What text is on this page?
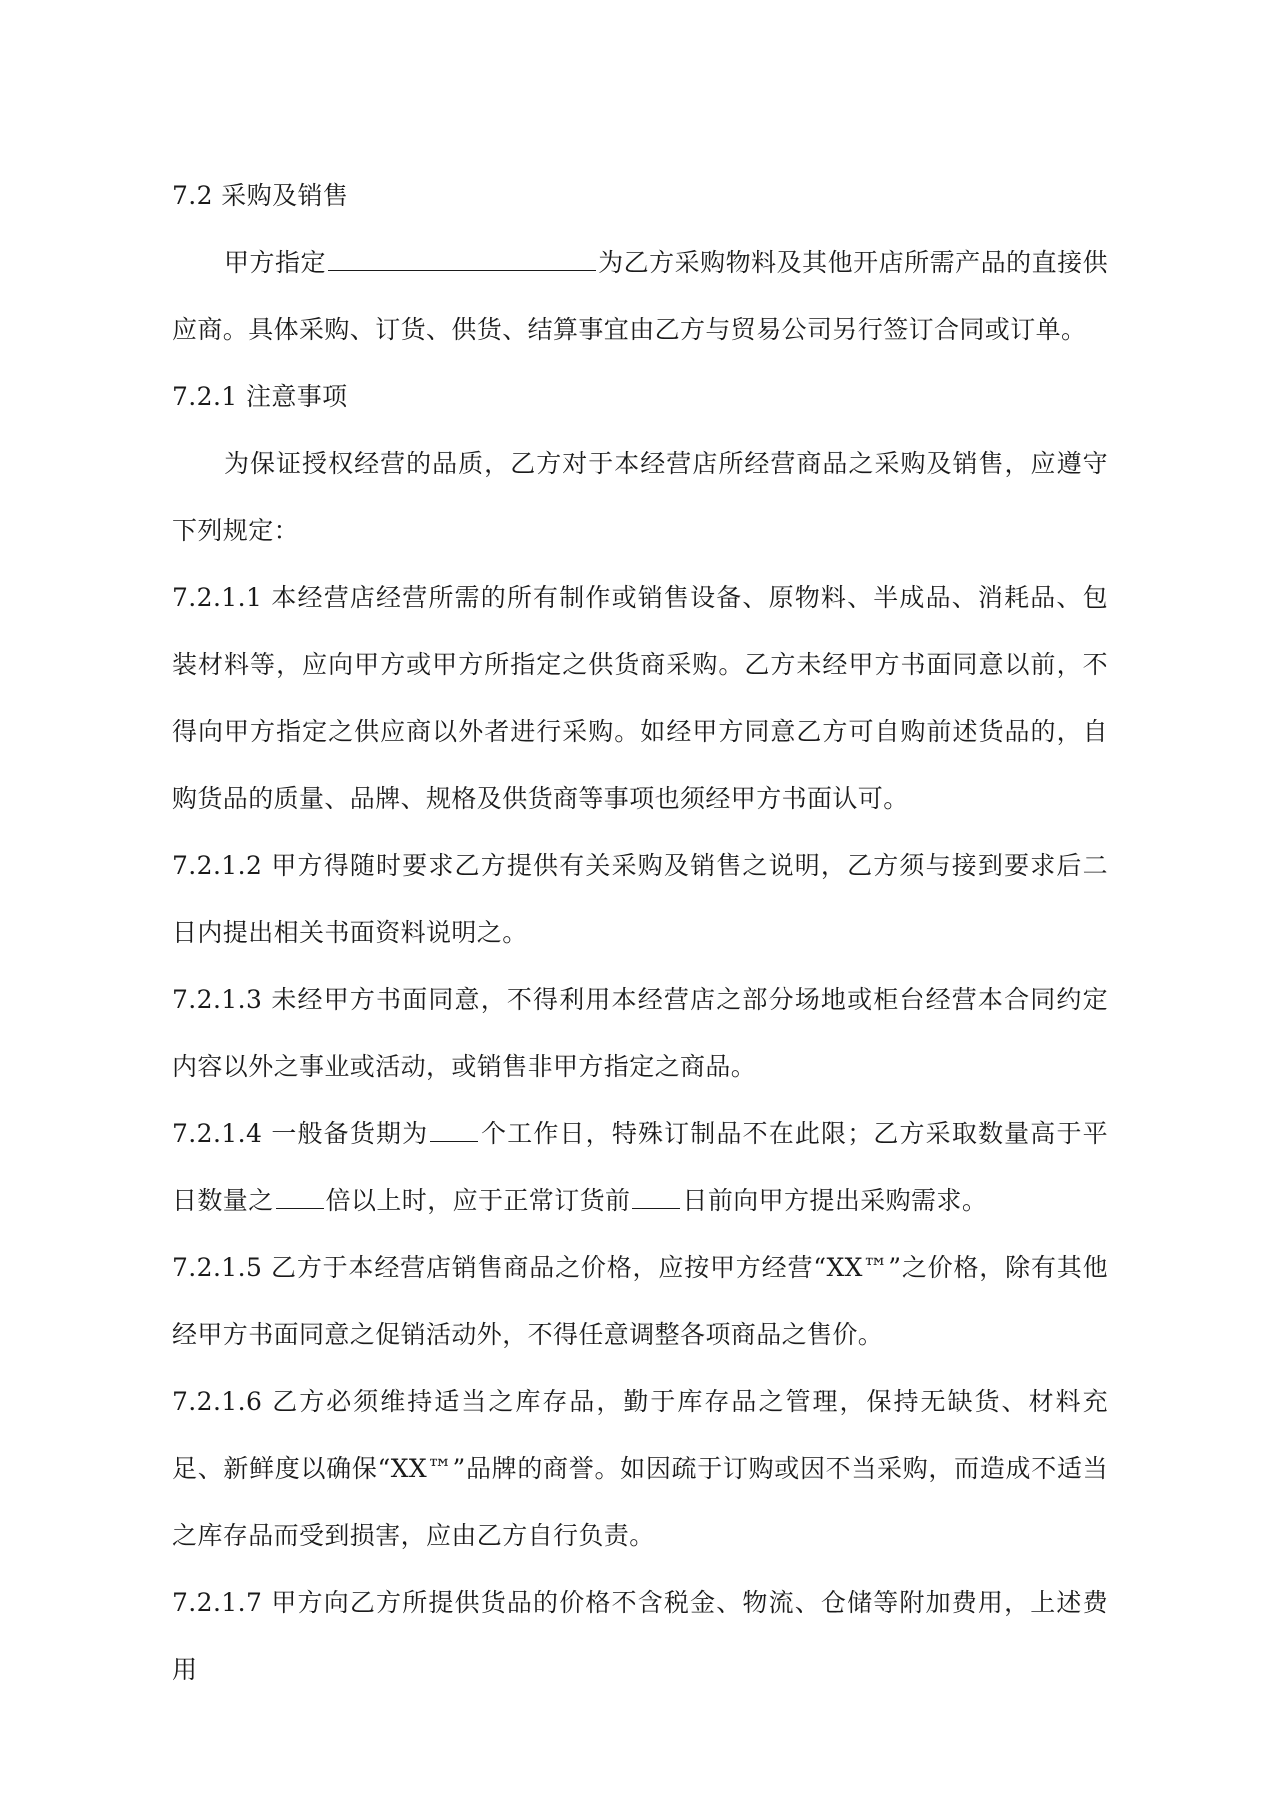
7.2 采购及销售

甲方指定	为乙方采购物料及其他开店所需产品的直接供应商。具体采购、订货、供货、结算事宜由乙方与贸易公司另行签订合同或订单。

7.2.1 注意事项

为保证授权经营的品质，乙方对于本经营店所经营商品之采购及销售，应遵守下列规定：

7.2.1.1 本经营店经营所需的所有制作或销售设备、原物料、半成品、消耗品、包装材料等，应向甲方或甲方所指定之供货商采购。乙方未经甲方书面同意以前，不得向甲方指定之供应商以外者进行采购。如经甲方同意乙方可自购前述货品的，自购货品的质量、品牌、规格及供货商等事项也须经甲方书面认可。

7.2.1.2 甲方得随时要求乙方提供有关采购及销售之说明，乙方须与接到要求后二日内提出相关书面资料说明之。

7.2.1.3 未经甲方书面同意，不得利用本经营店之部分场地或柜台经营本合同约定内容以外之事业或活动，或销售非甲方指定之商品。

7.2.1.4 一般备货期为 个工作日，特殊订制品不在此限；乙方采取数量高于平日数量之 倍以上时，应于正常订货前 日前向甲方提出采购需求。

7.2.1.5 乙方于本经营店销售商品之价格，应按甲方经营“XX™”之价格，除有其他经甲方书面同意之促销活动外，不得任意调整各项商品之售价。

7.2.1.6 乙方必须维持适当之库存品，勤于库存品之管理，保持无缺货、材料充足、新鲜度以确保“XX™”品牌的商誉。如因疏于订购或因不当采购，而造成不适当之库存品而受到损害，应由乙方自行负责。

7.2.1.7 甲方向乙方所提供货品的价格不含税金、物流、仓储等附加费用，上述费用
